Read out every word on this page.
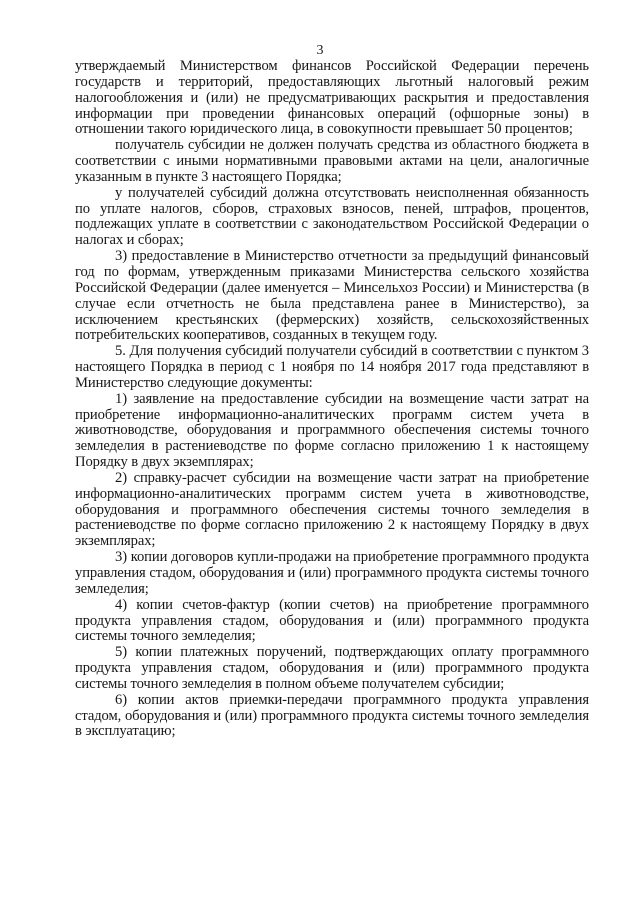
3

утверждаемый Министерством финансов Российской Федерации перечень государств и территорий, предоставляющих льготный налоговый режим налогообложения и (или) не предусматривающих раскрытия и предоставления информации при проведении финансовых операций (офшорные зоны) в отношении такого юридического лица, в совокупности превышает 50 процентов;

получатель субсидии не должен получать средства из областного бюджета в соответствии с иными нормативными правовыми актами на цели, аналогичные указанным в пункте 3 настоящего Порядка;

у получателей субсидий должна отсутствовать неисполненная обязанность по уплате налогов, сборов, страховых взносов, пеней, штрафов, процентов, подлежащих уплате в соответствии с законодательством Российской Федерации о налогах и сборах;

3) предоставление в Министерство отчетности за предыдущий финансовый год по формам, утвержденным приказами Министерства сельского хозяйства Российской Федерации (далее именуется – Минсельхоз России) и Министерства (в случае если отчетность не была представлена ранее в Министерство), за исключением крестьянских (фермерских) хозяйств, сельскохозяйственных потребительских кооперативов, созданных в текущем году.

5. Для получения субсидий получатели субсидий в соответствии с пунктом 3 настоящего Порядка в период с 1 ноября по 14 ноября 2017 года представляют в Министерство следующие документы:

1) заявление на предоставление субсидии на возмещение части затрат на приобретение информационно-аналитических программ систем учета в животноводстве, оборудования и программного обеспечения системы точного земледелия в растениеводстве по форме согласно приложению 1 к настоящему Порядку в двух экземплярах;

2) справку-расчет субсидии на возмещение части затрат на приобретение информационно-аналитических программ систем учета в животноводстве, оборудования и программного обеспечения системы точного земледелия в растениеводстве по форме согласно приложению 2 к настоящему Порядку в двух экземплярах;

3) копии договоров купли-продажи на приобретение программного продукта управления стадом, оборудования и (или) программного продукта системы точного земледелия;

4) копии счетов-фактур (копии счетов) на приобретение программного продукта управления стадом, оборудования и (или) программного продукта системы точного земледелия;

5) копии платежных поручений, подтверждающих оплату программного продукта управления стадом, оборудования и (или) программного продукта системы точного земледелия в полном объеме получателем субсидии;

6) копии актов приемки-передачи программного продукта управления стадом, оборудования и (или) программного продукта системы точного земледелия в эксплуатацию;
